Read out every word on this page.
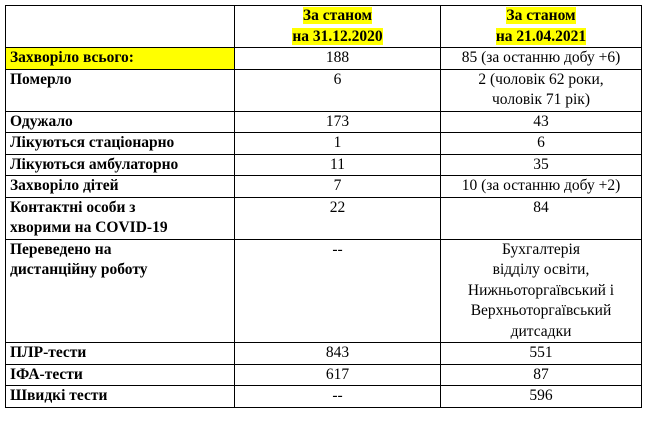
	За станом
на 31.12.2020	За станом
на 21.04.2021
Захворіло всього:	188	85 (за останню добу +6)
Померло	6	2 (чоловік 62 роки,
чоловік 71 рік)
Одужало	173	43
Лікуються стаціонарно	1	6
Лікуються амбулаторно	11	35
Захворіло дітей	7	10 (за останню добу +2)
Контактні особи з
хворими на COVID-19	22	84
Переведено на
дистанційну роботу	--	Бухгалтерія
відділу освіти,
Нижньоторгаївський і
Верхньоторгаївський
дитсадки
ПЛР-тести	843	551
ІФА-тести	617	87
Швидкі тести	--	596
